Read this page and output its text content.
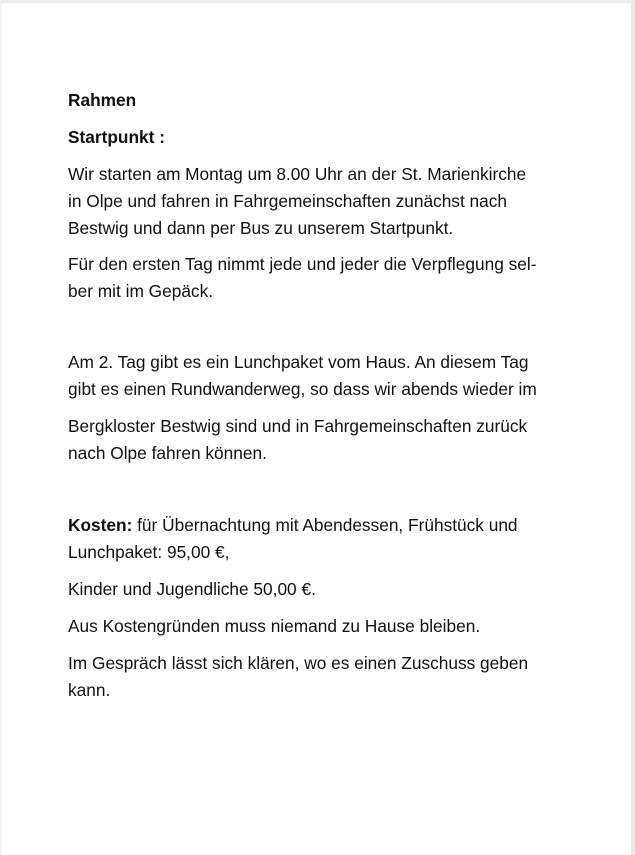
Rahmen

Startpunkt :

Wir starten am Montag um 8.00 Uhr an der St. Marienkirche
in Olpe und fahren in Fahrgemeinschaften zunächst nach
Bestwig und dann per Bus zu unserem Startpunkt.

Für den ersten Tag nimmt jede und jeder die Verpflegung sel-
ber mit im Gepäck.

Am 2. Tag gibt es ein Lunchpaket vom Haus. An diesem Tag
gibt es einen Rundwanderweg, so dass wir abends wieder im

Bergkloster Bestwig sind und in Fahrgemeinschaften zurück
nach Olpe fahren können.

Kosten: für Übernachtung mit Abendessen, Frühstück und
Lunchpaket: 95,00 €,

Kinder und Jugendliche 50,00 €.

Aus Kostengründen muss niemand zu Hause bleiben.

Im Gespräch lässt sich klären, wo es einen Zuschuss geben
kann.
